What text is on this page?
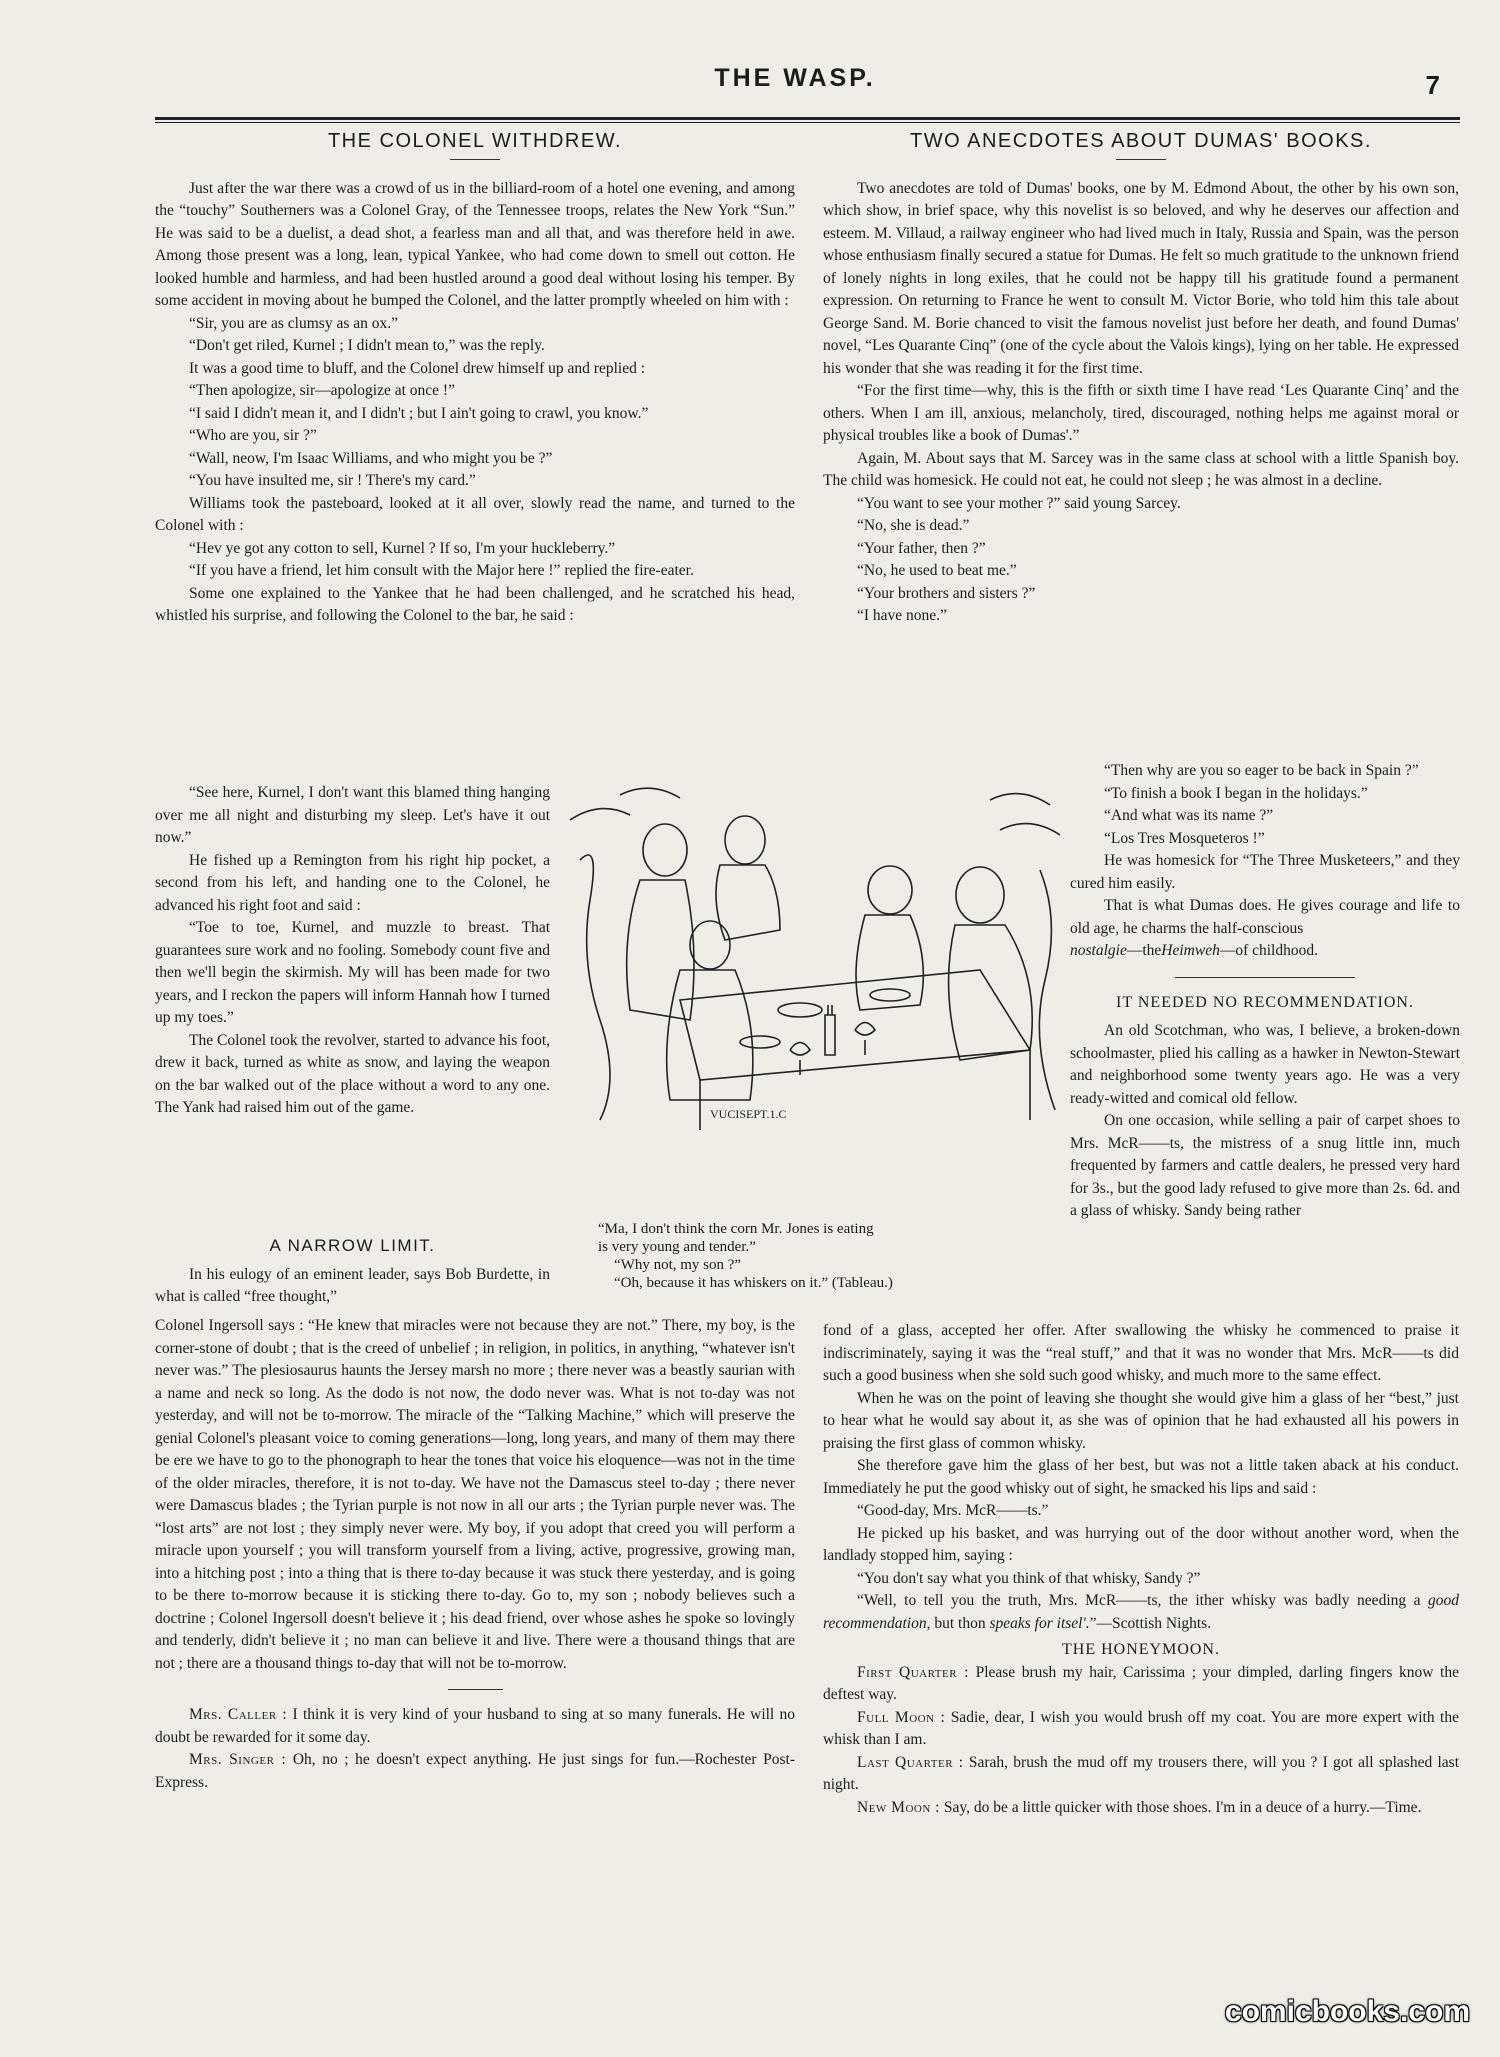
THE WASP.	7

THE COLONEL WITHDREW.

Just after the war there was a crowd of us in the billiard-room of a hotel one evening, and among the “touchy” Southerners was a Colonel Gray, of the Tennessee troops, relates the New York “Sun.” He was said to be a duelist, a dead shot, a fearless man and all that, and was therefore held in awe. Among those present was a long, lean, typical Yankee, who had come down to smell out cotton. He looked humble and harmless, and had been hustled around a good deal without losing his temper. By some accident in moving about he bumped the Colonel, and the latter promptly wheeled on him with :

“Sir, you are as clumsy as an ox.”

“Don't get riled, Kurnel ; I didn't mean to,” was the reply.

It was a good time to bluff, and the Colonel drew himself up and replied :

“Then apologize, sir—apologize at once !”

“I said I didn't mean it, and I didn't ; but I ain't going to crawl, you know.”

“Who are you, sir ?”

“Wall, neow, I'm Isaac Williams, and who might you be ?”

“You have insulted me, sir ! There's my card.”

Williams took the pasteboard, looked at it all over, slowly read the name, and turned to the Colonel with :

“Hev ye got any cotton to sell, Kurnel ? If so, I'm your huckleberry.”

“If you have a friend, let him consult with the Major here !” replied the fire-eater.

Some one explained to the Yankee that he had been challenged, and he scratched his head, whistled his surprise, and following the Colonel to the bar, he said :

“See here, Kurnel, I don't want this blamed thing hanging over me all night and disturbing my sleep. Let's have it out now.”

He fished up a Remington from his right hip pocket, a second from his left, and handing one to the Colonel, he advanced his right foot and said :

“Toe to toe, Kurnel, and muzzle to breast. That guarantees sure work and no fooling. Somebody count five and then we'll begin the skirmish. My will has been made for two years, and I reckon the papers will inform Hannah how I turned up my toes.”

The Colonel took the revolver, started to advance his foot, drew it back, turned as white as snow, and laying the weapon on the bar walked out of the place without a word to any one. The Yank had raised him out of the game.

A NARROW LIMIT.

In his eulogy of an eminent leader, says Bob Burdette, in what is called “free thought,”

Colonel Ingersoll says : “He knew that miracles were not because they are not.” There, my boy, is the corner-stone of doubt ; that is the creed of unbelief ; in religion, in politics, in anything, “whatever isn't never was.” The plesiosaurus haunts the Jersey marsh no more ; there never was a beastly saurian with a name and neck so long. As the dodo is not now, the dodo never was. What is not to-day was not yesterday, and will not be to-morrow. The miracle of the “Talking Machine,” which will preserve the genial Colonel's pleasant voice to coming generations—long, long years, and many of them may there be ere we have to go to the phonograph to hear the tones that voice his eloquence—was not in the time of the older miracles, therefore, it is not to-day. We have not the Damascus steel to-day ; there never were Damascus blades ; the Tyrian purple is not now in all our arts ; the Tyrian purple never was. The “lost arts” are not lost ; they simply never were. My boy, if you adopt that creed you will perform a miracle upon yourself ; you will transform yourself from a living, active, progressive, growing man, into a hitching post ; into a thing that is there to-day because it was stuck there yesterday, and is going to be there to-morrow because it is sticking there to-day. Go to, my son ; nobody believes such a doctrine ; Colonel Ingersoll doesn't believe it ; his dead friend, over whose ashes he spoke so lovingly and tenderly, didn't believe it ; no man can believe it and live. There were a thousand things that are not ; there are a thousand things to-day that will not be to-morrow.

Mrs. Caller : I think it is very kind of your husband to sing at so many funerals. He will no doubt be rewarded for it some day.

Mrs. Singer : Oh, no ; he doesn't expect anything. He just sings for fun.—Rochester Post-Express.

VUCISEPT.1.C
“Ma, I don't think the corn Mr. Jones is eating
is very young and tender.”
“Why not, my son ?”
“Oh, because it has whiskers on it.” (Tableau.)

TWO ANECDOTES ABOUT DUMAS' BOOKS.

Two anecdotes are told of Dumas' books, one by M. Edmond About, the other by his own son, which show, in brief space, why this novelist is so beloved, and why he deserves our affection and esteem. M. Villaud, a railway engineer who had lived much in Italy, Russia and Spain, was the person whose enthusiasm finally secured a statue for Dumas. He felt so much gratitude to the unknown friend of lonely nights in long exiles, that he could not be happy till his gratitude found a permanent expression. On returning to France he went to consult M. Victor Borie, who told him this tale about George Sand. M. Borie chanced to visit the famous novelist just before her death, and found Dumas' novel, “Les Quarante Cinq” (one of the cycle about the Valois kings), lying on her table. He expressed his wonder that she was reading it for the first time.

“For the first time—why, this is the fifth or sixth time I have read ‘Les Quarante Cinq’ and the others. When I am ill, anxious, melancholy, tired, discouraged, nothing helps me against moral or physical troubles like a book of Dumas'.”

Again, M. About says that M. Sarcey was in the same class at school with a little Spanish boy. The child was homesick. He could not eat, he could not sleep ; he was almost in a decline.

“You want to see your mother ?” said young Sarcey.

“No, she is dead.”

“Your father, then ?”

“No, he used to beat me.”

“Your brothers and sisters ?”

“I have none.”

“Then why are you so eager to be back in Spain ?”

“To finish a book I began in the holidays.”

“And what was its name ?”

“Los Tres Mosqueteros !”

He was homesick for “The Three Musketeers,” and they cured him easily.

That is what Dumas does. He gives courage and life to old age, he charms the half-conscious

nostalgie—theHeimweh—of childhood.

IT NEEDED NO RECOMMENDATION.

An old Scotchman, who was, I believe, a broken-down schoolmaster, plied his calling as a hawker in Newton-Stewart and neighborhood some twenty years ago. He was a very ready-witted and comical old fellow.

On one occasion, while selling a pair of carpet shoes to Mrs. McR——ts, the mistress of a snug little inn, much frequented by farmers and cattle dealers, he pressed very hard for 3s., but the good lady refused to give more than 2s. 6d. and a glass of whisky. Sandy being rather

fond of a glass, accepted her offer. After swallowing the whisky he commenced to praise it indiscriminately, saying it was the “real stuff,” and that it was no wonder that Mrs. McR——ts did such a good business when she sold such good whisky, and much more to the same effect.

When he was on the point of leaving she thought she would give him a glass of her “best,” just to hear what he would say about it, as she was of opinion that he had exhausted all his powers in praising the first glass of common whisky.

She therefore gave him the glass of her best, but was not a little taken aback at his conduct. Immediately he put the good whisky out of sight, he smacked his lips and said :

“Good-day, Mrs. McR——ts.”

He picked up his basket, and was hurrying out of the door without another word, when the landlady stopped him, saying :

“You don't say what you think of that whisky, Sandy ?”

“Well, to tell you the truth, Mrs. McR——ts, the ither whisky was badly needing a good recommendation, but thon speaks for itsel'.”—Scottish Nights.

THE HONEYMOON.

First Quarter : Please brush my hair, Carissima ; your dimpled, darling fingers know the deftest way.

Full Moon : Sadie, dear, I wish you would brush off my coat. You are more expert with the whisk than I am.

Last Quarter : Sarah, brush the mud off my trousers there, will you ? I got all splashed last night.

New Moon : Say, do be a little quicker with those shoes. I'm in a deuce of a hurry.—Time.

comicbooks.com
